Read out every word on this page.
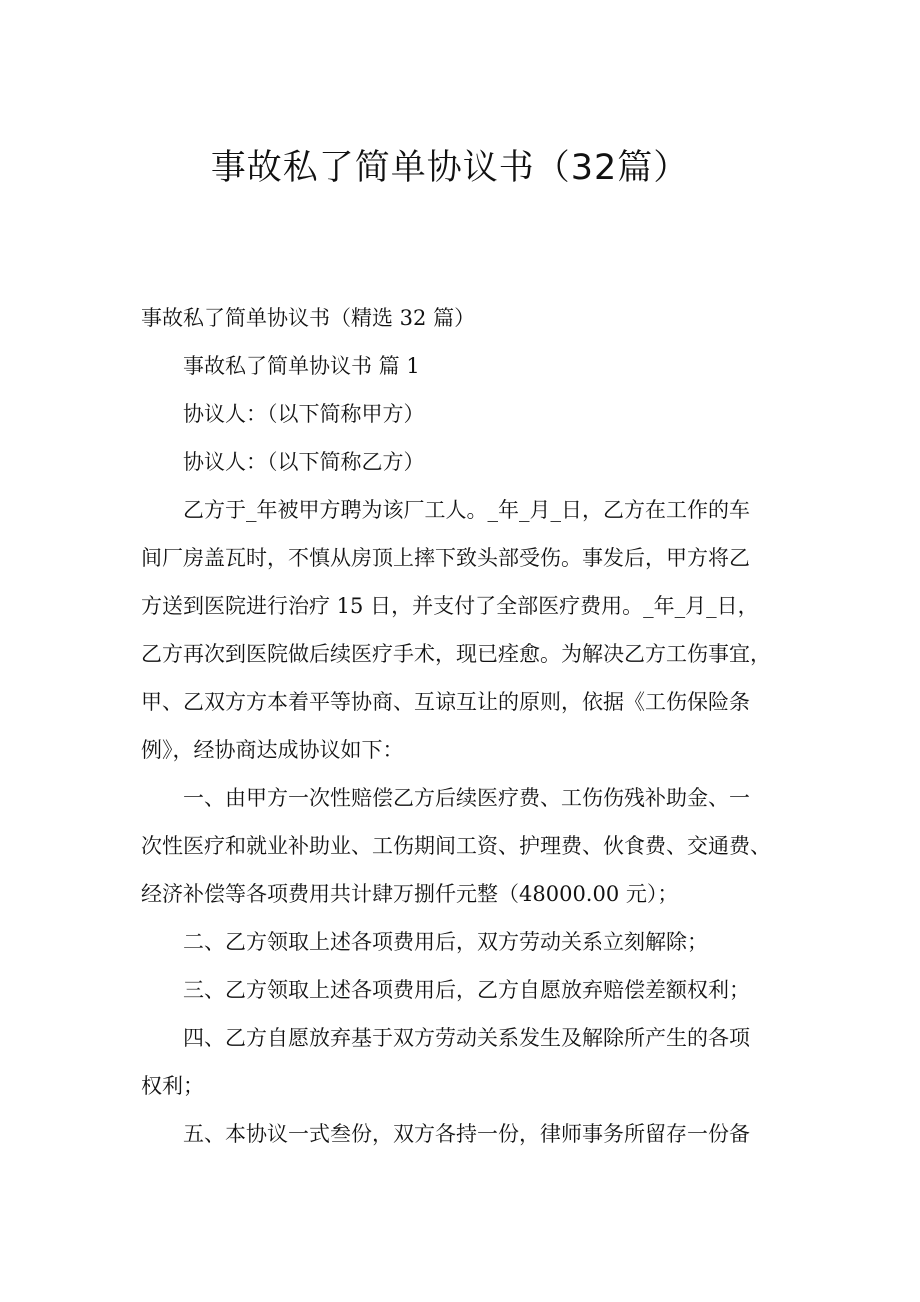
事故私了简单协议书（32篇）
事故私了简单协议书（精选 32 篇）
事故私了简单协议书 篇 1
协议人：（以下简称甲方）
协议人：（以下简称乙方）
乙方于_年被甲方聘为该厂工人。_年_月_日，乙方在工作的车
间厂房盖瓦时，不慎从房顶上摔下致头部受伤。事发后，甲方将乙
方送到医院进行治疗 15 日，并支付了全部医疗费用。_年_月_日，
乙方再次到医院做后续医疗手术，现已痊愈。为解决乙方工伤事宜，
甲、乙双方方本着平等协商、互谅互让的原则，依据《工伤保险条
例》，经协商达成协议如下：
一、由甲方一次性赔偿乙方后续医疗费、工伤伤残补助金、一
次性医疗和就业补助业、工伤期间工资、护理费、伙食费、交通费、
经济补偿等各项费用共计肆万捌仟元整（48000.00 元）；
二、乙方领取上述各项费用后，双方劳动关系立刻解除；
三、乙方领取上述各项费用后，乙方自愿放弃赔偿差额权利；
四、乙方自愿放弃基于双方劳动关系发生及解除所产生的各项
权利；
五、本协议一式叁份，双方各持一份，律师事务所留存一份备
